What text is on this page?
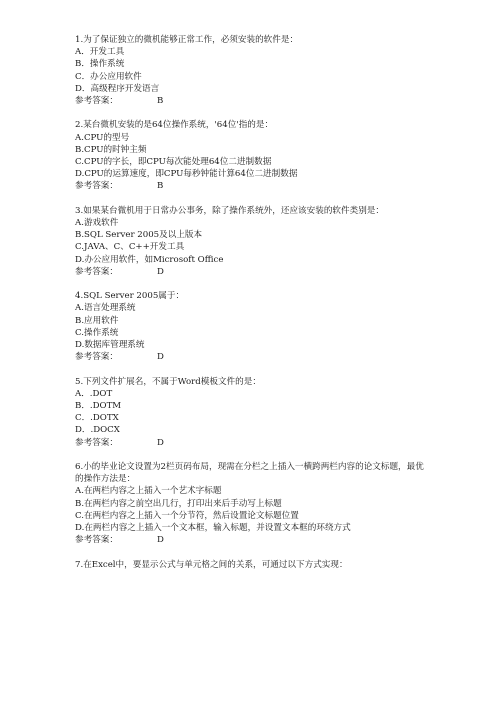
1.为了保证独立的微机能够正常工作，必须安装的软件是：
A．开发工具
B．操作系统
C．办公应用软件
D．高级程序开发语言
参考答案：	B
2.某台微机安装的是64位操作系统，'64位'指的是：
A.CPU的型号
B.CPU的时钟主频
C.CPU的字长，即CPU每次能处理64位二进制数据
D.CPU的运算速度，即CPU每秒钟能计算64位二进制数据
参考答案：	B
3.如果某台微机用于日常办公事务，除了操作系统外，还应该安装的软件类别是：
A.游戏软件
B.SQL Server 2005及以上版本
C.JAVA、C、C++开发工具
D.办公应用软件，如Microsoft Office
参考答案：	D
4.SQL Server 2005属于：
A.语言处理系统
B.应用软件
C.操作系统
D.数据库管理系统
参考答案：	D
5.下列文件扩展名，不属于Word模板文件的是：
A．.DOT
B．.DOTM
C．.DOTX
D．.DOCX
参考答案：	D
6.小的毕业论文设置为2栏页码布局，现需在分栏之上插入一横跨两栏内容的论文标题，最优的操作方法是：
A.在两栏内容之上插入一个艺术字标题
B.在两栏内容之前空出几行，打印出来后手动写上标题
C.在两栏内容之上插入一个分节符，然后设置论文标题位置
D.在两栏内容之上插入一个文本框，输入标题，并设置文本框的环绕方式
参考答案：	D
7.在Excel中，要显示公式与单元格之间的关系，可通过以下方式实现：
